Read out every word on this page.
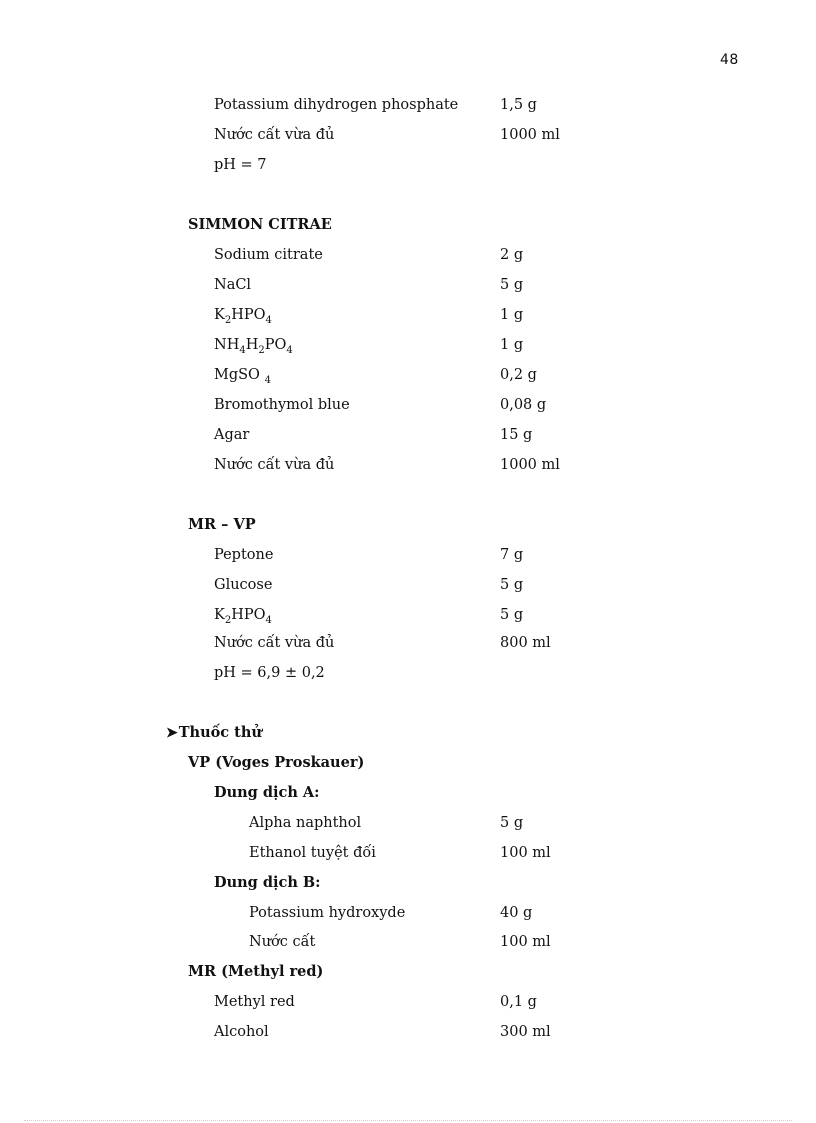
48
Potassium dihydrogen phosphate	1,5 g
Nước cất vừa đủ	1000 ml
pH = 7
SIMMON CITRAE
Sodium citrate	2 g
NaCl	5 g
$K_2HPO_4$	1 g
$NH_4H_2PO_4$	1 g
MgSO $_4$	0,2 g
Bromothymol blue	0,08 g
Agar	15 g
Nước cất vừa đủ	1000 ml
MR – VP
Peptone	7 g
Glucose	5 g
$K_2HPO_4$	5 g
Nước cất vừa đủ	800 ml
pH = 6,9 ± 0,2
➤Thuốc thử
VP (Voges Proskauer)
Dung dịch A:
Alpha naphthol	5 g
Ethanol tuyệt đối	100 ml
Dung dịch B:
Potassium hydroxyde	40 g
Nước cất	100 ml
MR (Methyl red)
Methyl red	0,1 g
Alcohol	300 ml
